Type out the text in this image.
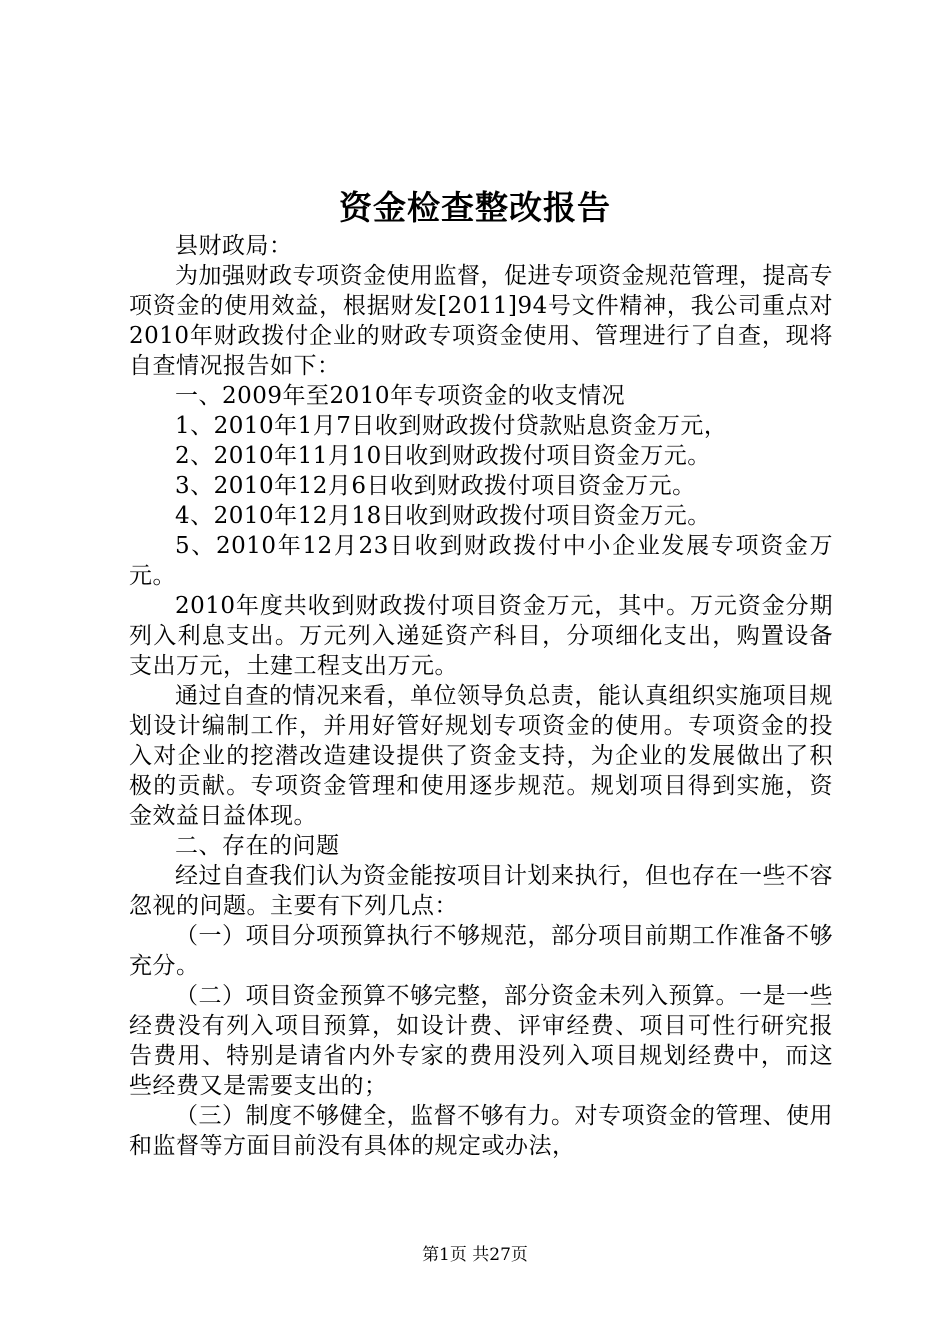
资金检查整改报告

县财政局：

为加强财政专项资金使用监督，促进专项资金规范管理，提高专项资金的使用效益，根据财发[2011]94号文件精神，我公司重点对2010年财政拨付企业的财政专项资金使用、管理进行了自查，现将自查情况报告如下：

一、2009年至2010年专项资金的收支情况

1、2010年1月7日收到财政拨付贷款贴息资金万元，

2、2010年11月10日收到财政拨付项目资金万元。

3、2010年12月6日收到财政拨付项目资金万元。

4、2010年12月18日收到财政拨付项目资金万元。

5、2010年12月23日收到财政拨付中小企业发展专项资金万元。

2010年度共收到财政拨付项目资金万元，其中。万元资金分期列入利息支出。万元列入递延资产科目，分项细化支出，购置设备支出万元，土建工程支出万元。

通过自查的情况来看，单位领导负总责，能认真组织实施项目规划设计编制工作，并用好管好规划专项资金的使用。专项资金的投入对企业的挖潜改造建设提供了资金支持，为企业的发展做出了积极的贡献。专项资金管理和使用逐步规范。规划项目得到实施，资金效益日益体现。

二、存在的问题

经过自查我们认为资金能按项目计划来执行，但也存在一些不容忽视的问题。主要有下列几点：

（一）项目分项预算执行不够规范，部分项目前期工作准备不够充分。

（二）项目资金预算不够完整，部分资金未列入预算。一是一些经费没有列入项目预算，如设计费、评审经费、项目可性行研究报告费用、特别是请省内外专家的费用没列入项目规划经费中，而这些经费又是需要支出的；

（三）制度不够健全，监督不够有力。对专项资金的管理、使用和监督等方面目前没有具体的规定或办法，

第1页 共27页
